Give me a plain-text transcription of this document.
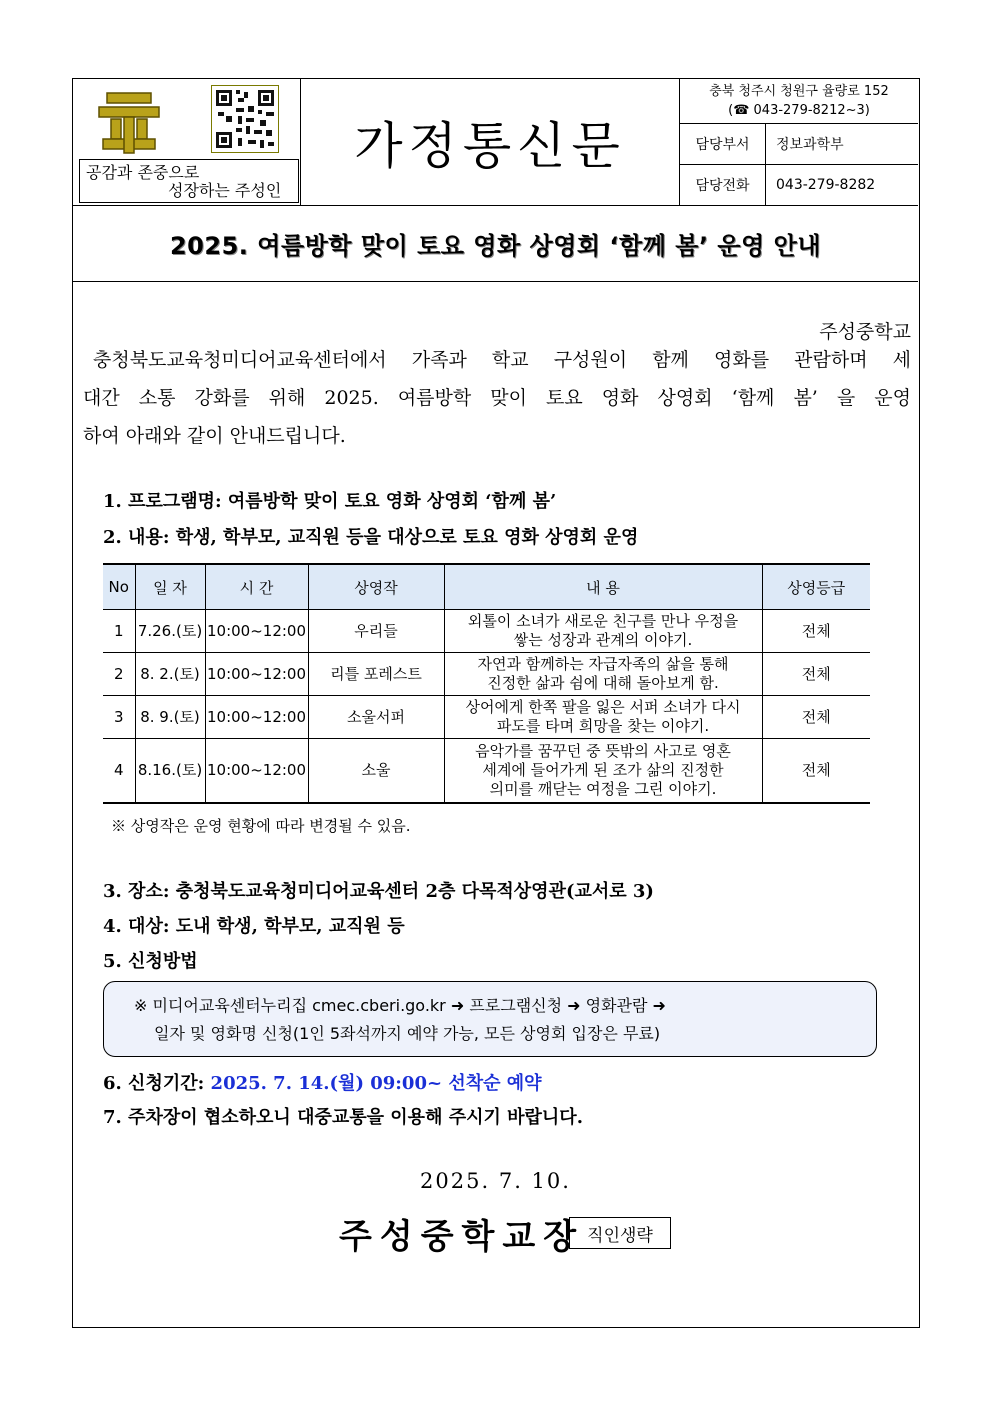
공감과 존중으로
성장하는 주성인
가정통신문
충북 청주시 청원구 율량로 152
(☎ 043-279-8212~3)
담당부서	정보과학부
담당전화	043-279-8282
2025. 여름방학 맞이 토요 영화 상영회 ‘함께 봄’ 운영 안내
주성중학교
충청북도교육청미디어교육센터에서 가족과 학교 구성원이 함께 영화를 관람하며 세
대간 소통 강화를 위해 2025. 여름방학 맞이 토요 영화 상영회 ‘함께 봄’ 을 운영
하여 아래와 같이 안내드립니다.
1. 프로그램명: 여름방학 맞이 토요 영화 상영회 ‘함께 봄’
2. 내용: 학생, 학부모, 교직원 등을 대상으로 토요 영화 상영회 운영
No	일 자	시 간	상영작	내 용	상영등급
1	7.26.(토)	10:00~12:00	우리들	외톨이 소녀가 새로운 친구를 만나 우정을
쌓는 성장과 관계의 이야기.	전체
2	8. 2.(토)	10:00~12:00	리틀 포레스트	자연과 함께하는 자급자족의 삶을 통해
진정한 삶과 쉼에 대해 돌아보게 함.	전체
3	8. 9.(토)	10:00~12:00	소울서퍼	상어에게 한쪽 팔을 잃은 서퍼 소녀가 다시
파도를 타며 희망을 찾는 이야기.	전체
4	8.16.(토)	10:00~12:00	소울	음악가를 꿈꾸던 중 뜻밖의 사고로 영혼
세계에 들어가게 된 조가 삶의 진정한
의미를 깨닫는 여정을 그린 이야기.	전체
※ 상영작은 운영 현황에 따라 변경될 수 있음.
3. 장소: 충청북도교육청미디어교육센터 2층 다목적상영관(교서로 3)
4. 대상: 도내 학생, 학부모, 교직원 등
5. 신청방법
※ 미디어교육센터누리집 cmec.cberi.go.kr ➜ 프로그램신청 ➜ 영화관람 ➜
일자 및 영화명 신청(1인 5좌석까지 예약 가능, 모든 상영회 입장은 무료)
6. 신청기간: 2025. 7. 14.(월) 09:00~ 선착순 예약
7. 주차장이 협소하오니 대중교통을 이용해 주시기 바랍니다.
2025. 7. 10.
주성중학교장 직인생략
